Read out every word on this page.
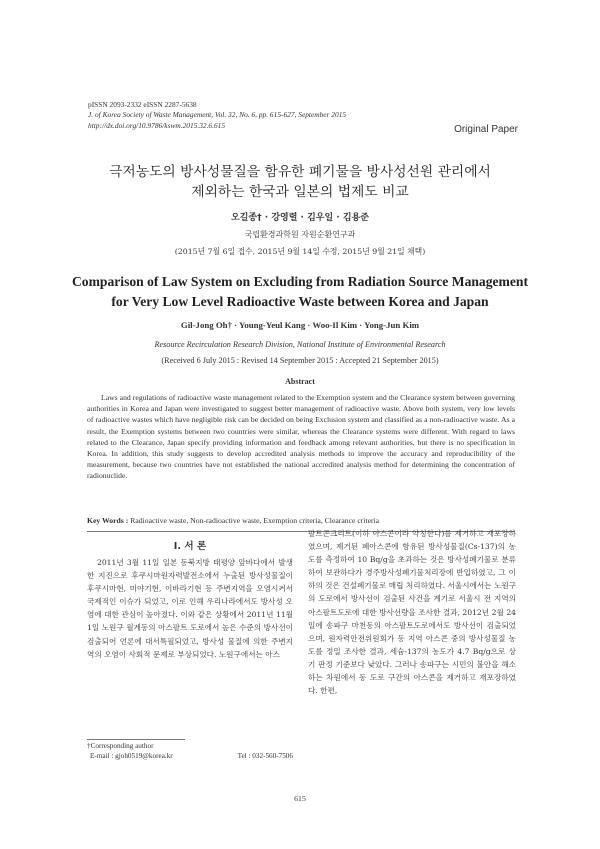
pISSN 2093-2332 eISSN 2287-5638
J. of Korea Society of Waste Management, Vol. 32, No. 6, pp. 615-627, September 2015
http://dx.doi.org/10.9786/kswm.2015.32.6.615	Original Paper
극저농도의 방사성물질을 함유한 폐기물을 방사성선원 관리에서
제외하는 한국과 일본의 법제도 비교
오길종† · 강영렬 · 김우일 · 김용준
국립환경과학원 자원순환연구과
(2015년 7월 6일 접수, 2015년 9월 14일 수정, 2015년 9월 21일 채택)
Comparison of Law System on Excluding from Radiation Source Management
for Very Low Level Radioactive Waste between Korea and Japan
Gil-Jong Oh† · Young-Yeul Kang · Woo-Il Kim · Yong-Jun Kim
Resource Recirculation Research Division, National Institute of Environmental Research
(Received 6 July 2015 : Revised 14 September 2015 : Accepted 21 September 2015)
Abstract
Laws and regulations of radioactive waste management related to the Exemption system and the Clearance system between governing authorities in Korea and Japan were investigated to suggest better management of radioactive waste. Above both system, very low levels of radioactive wastes which have negligible risk can be decided on being Exclusion system and classified as a non-radioactive waste. As a result, the Exemption systems between two countries were similar, whereas the Clearance systems were different. With regard to laws related to the Clearance, Japan specify providing information and feedback among relevant authorities, but there is no specification in Korea. In addition, this study suggests to develop accredited analysis methods to improve the accuracy and reproducibility of the measurement, because two countries have not established the national accredited analysis method for determining the concentration of radionuclide.
Key Words : Radioactive waste, Non-radioactive waste, Exemption criteria, Clearance criteria
I. 서 론

2011년 3월 11일 일본 동북지방 태평양 앞바다에서 발생한 지진으로 후쿠시마원자력발전소에서 누출된 방사성물질이 후쿠시마현, 미야기현, 이바라기현 등 주변지역을 오염시켜서 국제적인 이슈가 되었고, 이로 인해 우리나라에서도 방사성 오염에 대한 관심이 높아졌다. 이와 같은 상황에서 2011년 11월 1일 노원구 월계동의 아스팔트 도로에서 높은 수준의 방사선이 검출되어 언론에 대서특필되었고, 방사성 물질에 의한 주변지역의 오염이 사회적 문제로 부상되었다. 노원구에서는 아스

팔트콘크리트(이하 아스콘이라 약칭한다)를 제거하고 재포장하였으며, 제거된 폐아스콘에 함유된 방사성물질(Cs-137)의 농도를 측정하여 10 Bq/g을 초과하는 것은 방사성폐기물로 분류하여 보관하다가 경주방사성폐기물처리장에 반입하였고, 그 이하의 것은 건설폐기물로 매립 처리하였다. 서울시에서는 노원구의 도로에서 방사선이 검출된 사건을 계기로 서울시 전 지역의 아스팔트도로에 대한 방사선량을 조사한 결과, 2012년 2월 24일에 송파구 마천동의 아스팔트도로에서도 방사선이 검출되었으며, 원자력안전위원회가 동 지역 아스콘 중의 방사성물질 농도를 정밀 조사한 결과, 세슘-137의 농도가 4.7 Bq/g으로 상기 판정 기준보다 낮았다. 그러나 송파구는 시민의 불안을 해소하는 차원에서 동 도로 구간의 아스콘을 제거하고 재포장하였다. 한편,

†Corresponding author
E-mail : gjoh0519@korea.kr	Tel : 032-560-7506
615
